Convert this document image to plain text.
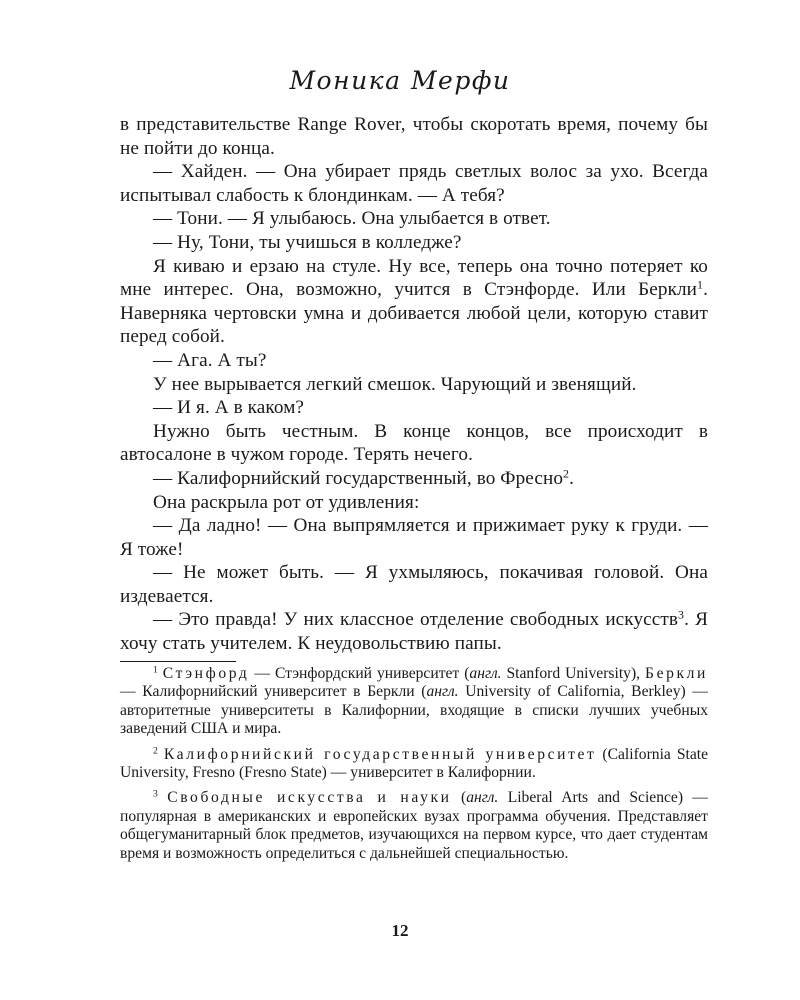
Моника Мерфи

в представительстве Range Rover, чтобы скоротать время, почему бы не пойти до конца.

— Хайден. — Она убирает прядь светлых волос за ухо. Всегда испытывал слабость к блондинкам. — А тебя?

— Тони. — Я улыбаюсь. Она улыбается в ответ.

— Ну, Тони, ты учишься в колледже?

Я киваю и ерзаю на стуле. Ну все, теперь она точно потеряет ко мне интерес. Она, возможно, учится в Стэнфорде. Или Беркли$^1$. Наверняка чертовски умна и добивается любой цели, которую ставит перед собой.

— Ага. А ты?

У нее вырывается легкий смешок. Чарующий и звенящий.

— И я. А в каком?

Нужно быть честным. В конце концов, все происходит в автосалоне в чужом городе. Терять нечего.

— Калифорнийский государственный, во Фресно$^2$.

Она раскрыла рот от удивления:

— Да ладно! — Она выпрямляется и прижимает руку к груди. — Я тоже!

— Не может быть. — Я ухмыляюсь, покачивая головой. Она издевается.

— Это правда! У них классное отделение свободных искусств$^3$. Я хочу стать учителем. К неудовольствию папы.

$^1$ Стэнфорд — Стэнфордский университет (англ. Stanford University), Беркли — Калифорнийский университет в Беркли (англ. University of California, Berkley) — авторитетные университеты в Калифорнии, входящие в списки лучших учебных заведений США и мира.

$^2$ Калифорнийский государственный университет (California State University, Fresno (Fresno State) — университет в Калифорнии.

$^3$ Свободные искусства и науки (англ. Liberal Arts and Science) — популярная в американских и европейских вузах программа обучения. Представляет общегуманитарный блок предметов, изучающихся на первом курсе, что дает студентам время и возможность определиться с дальнейшей специальностью.

12
